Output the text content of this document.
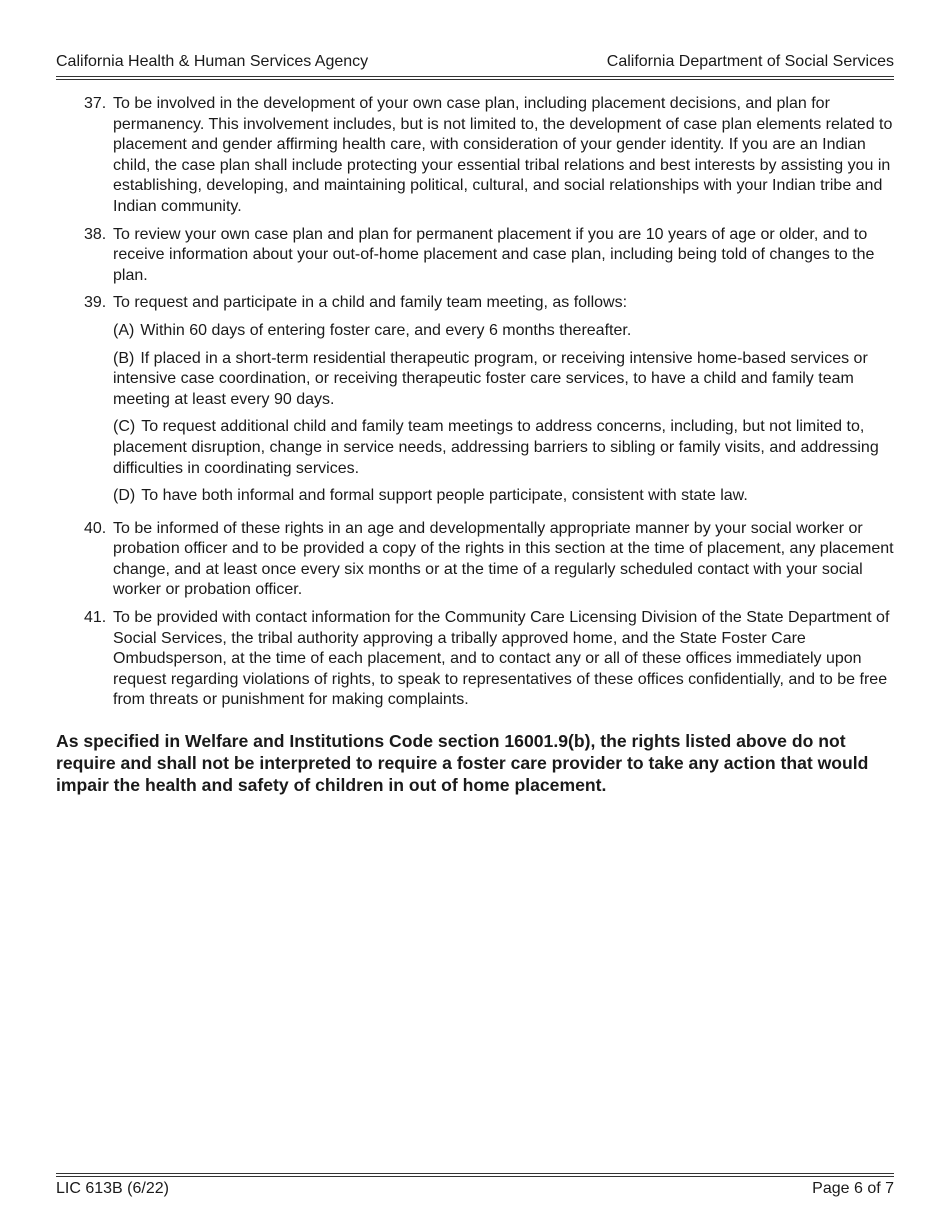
California Health & Human Services Agency	California Department of Social Services
37. To be involved in the development of your own case plan, including placement decisions, and plan for permanency. This involvement includes, but is not limited to, the development of case plan elements related to placement and gender affirming health care, with consideration of your gender identity. If you are an Indian child, the case plan shall include protecting your essential tribal relations and best interests by assisting you in establishing, developing, and maintaining political, cultural, and social relationships with your Indian tribe and Indian community.
38. To review your own case plan and plan for permanent placement if you are 10 years of age or older, and to receive information about your out-of-home placement and case plan, including being told of changes to the plan.
39. To request and participate in a child and family team meeting, as follows:
(A) Within 60 days of entering foster care, and every 6 months thereafter.
(B) If placed in a short-term residential therapeutic program, or receiving intensive home-based services or intensive case coordination, or receiving therapeutic foster care services, to have a child and family team meeting at least every 90 days.
(C) To request additional child and family team meetings to address concerns, including, but not limited to, placement disruption, change in service needs, addressing barriers to sibling or family visits, and addressing difficulties in coordinating services.
(D) To have both informal and formal support people participate, consistent with state law.
40. To be informed of these rights in an age and developmentally appropriate manner by your social worker or probation officer and to be provided a copy of the rights in this section at the time of placement, any placement change, and at least once every six months or at the time of a regularly scheduled contact with your social worker or probation officer.
41. To be provided with contact information for the Community Care Licensing Division of the State Department of Social Services, the tribal authority approving a tribally approved home, and the State Foster Care Ombudsperson, at the time of each placement, and to contact any or all of these offices immediately upon request regarding violations of rights, to speak to representatives of these offices confidentially, and to be free from threats or punishment for making complaints.
As specified in Welfare and Institutions Code section 16001.9(b), the rights listed above do not require and shall not be interpreted to require a foster care provider to take any action that would impair the health and safety of children in out of home placement.
LIC 613B (6/22)	Page 6 of 7
